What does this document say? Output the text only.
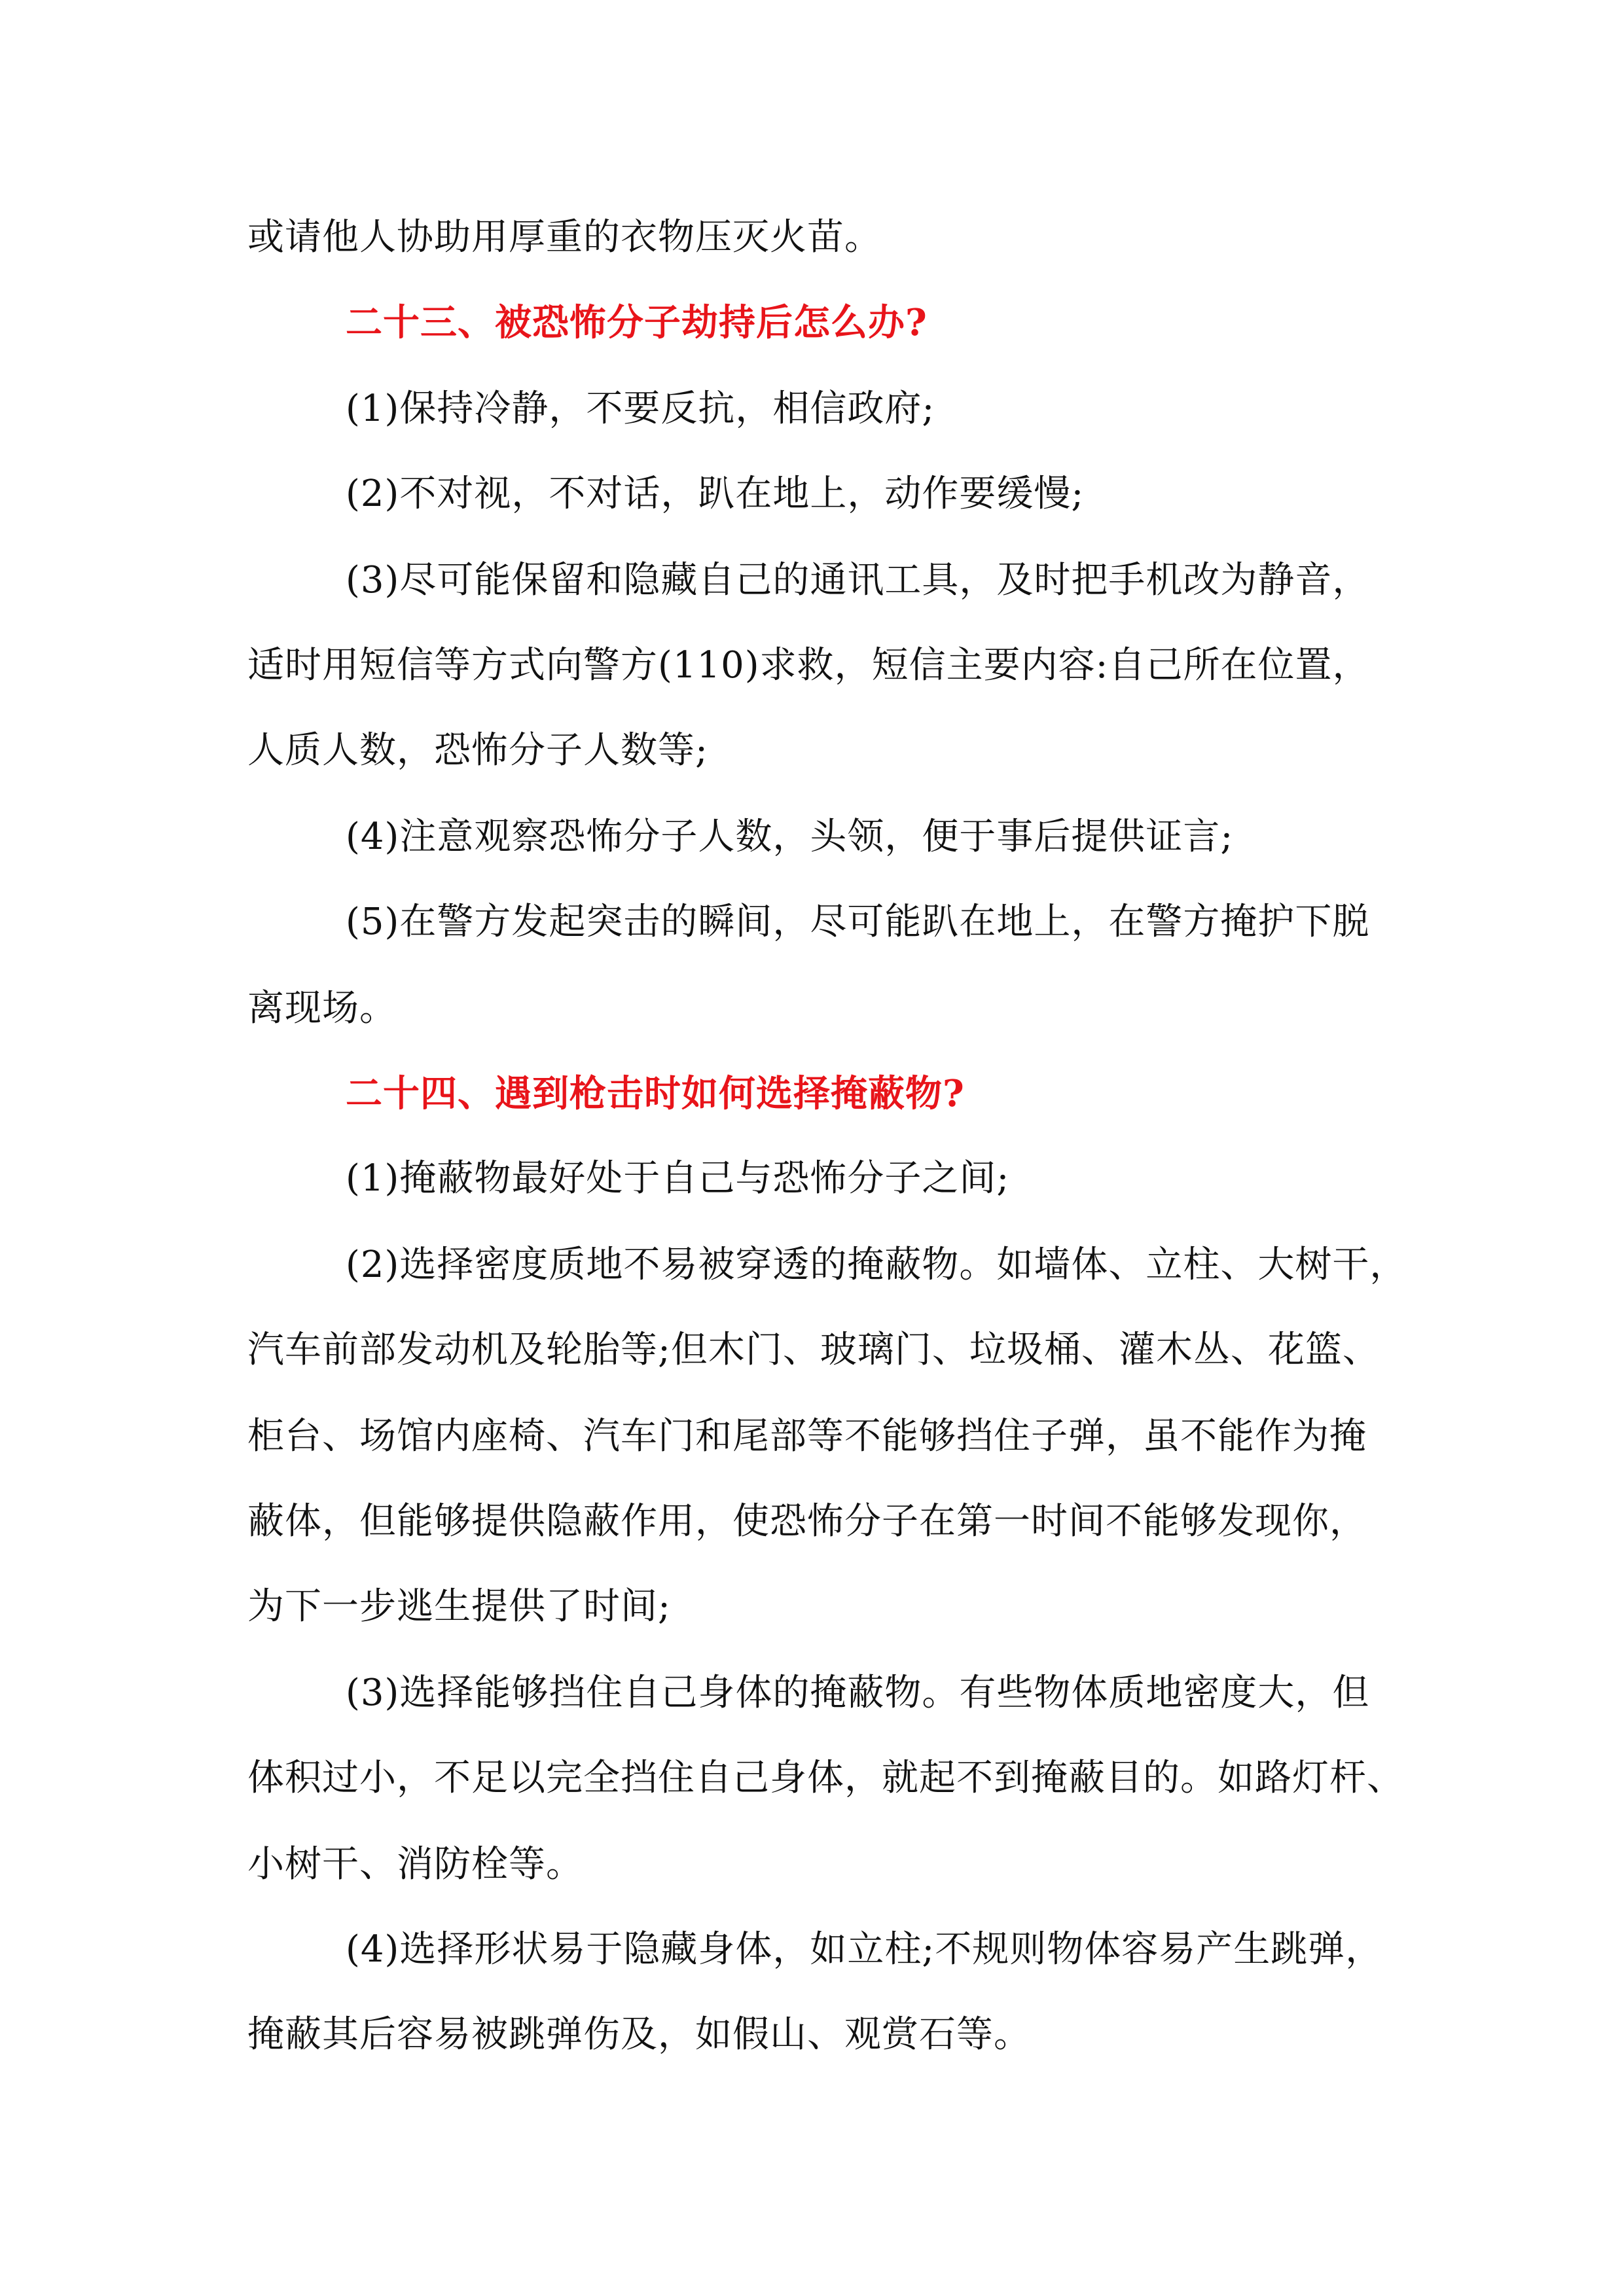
或请他人协助用厚重的衣物压灭火苗。
二十三、被恐怖分子劫持后怎么办?
(1)保持冷静，不要反抗，相信政府;
(2)不对视，不对话，趴在地上，动作要缓慢;
(3)尽可能保留和隐藏自己的通讯工具，及时把手机改为静音，
适时用短信等方式向警方(110)求救，短信主要内容:自己所在位置，
人质人数，恐怖分子人数等;
(4)注意观察恐怖分子人数，头领，便于事后提供证言;
(5)在警方发起突击的瞬间，尽可能趴在地上，在警方掩护下脱
离现场。
二十四、遇到枪击时如何选择掩蔽物?
(1)掩蔽物最好处于自己与恐怖分子之间;
(2)选择密度质地不易被穿透的掩蔽物。如墙体、立柱、大树干，
汽车前部发动机及轮胎等;但木门、玻璃门、垃圾桶、灌木丛、花篮、
柜台、场馆内座椅、汽车门和尾部等不能够挡住子弹，虽不能作为掩
蔽体，但能够提供隐蔽作用，使恐怖分子在第一时间不能够发现你，
为下一步逃生提供了时间;
(3)选择能够挡住自己身体的掩蔽物。有些物体质地密度大，但
体积过小，不足以完全挡住自己身体，就起不到掩蔽目的。如路灯杆、
小树干、消防栓等。
(4)选择形状易于隐藏身体，如立柱;不规则物体容易产生跳弹，
掩蔽其后容易被跳弹伤及，如假山、观赏石等。
